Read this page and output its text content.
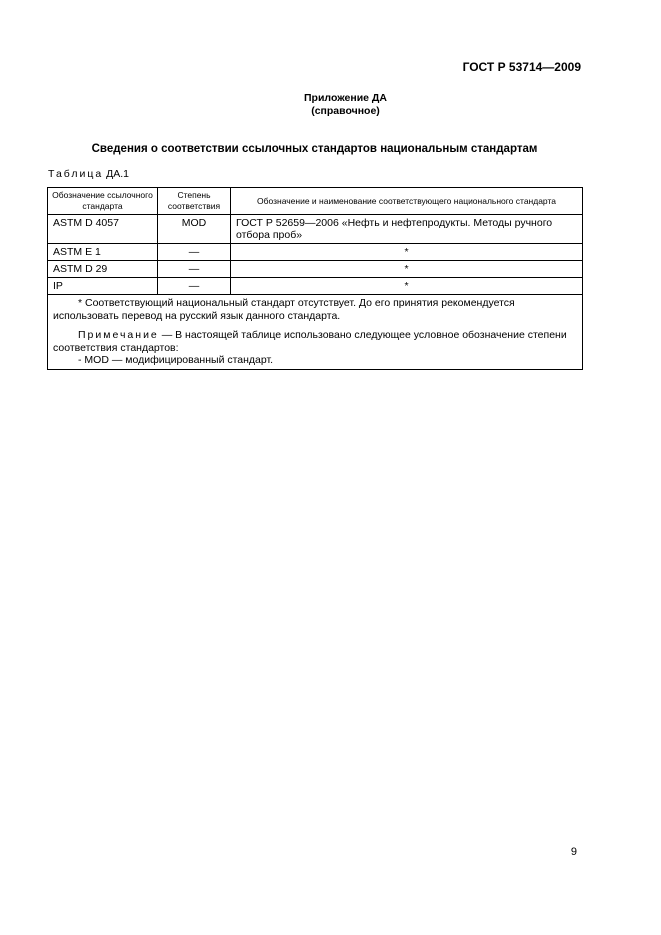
ГОСТ Р 53714—2009
Приложение ДА
(справочное)
Сведения о соответствии ссылочных стандартов национальным стандартам
Таблица ДА.1
Обозначение ссылочного стандарта	Степень соответствия	Обозначение и наименование соответствующего национального стандарта
ASTM D 4057	MOD	ГОСТ Р 52659—2006 «Нефть и нефтепродукты. Методы ручного отбора проб»
ASTM E 1	—	*
ASTM D 29	—	*
IP	—	*

* Соответствующий национальный стандарт отсутствует. До его принятия рекомендуется использовать перевод на русский язык данного стандарта.
Примечание — В настоящей таблице использовано следующее условное обозначение степени соответствия стандартов:
- MOD — модифицированный стандарт.		
9
